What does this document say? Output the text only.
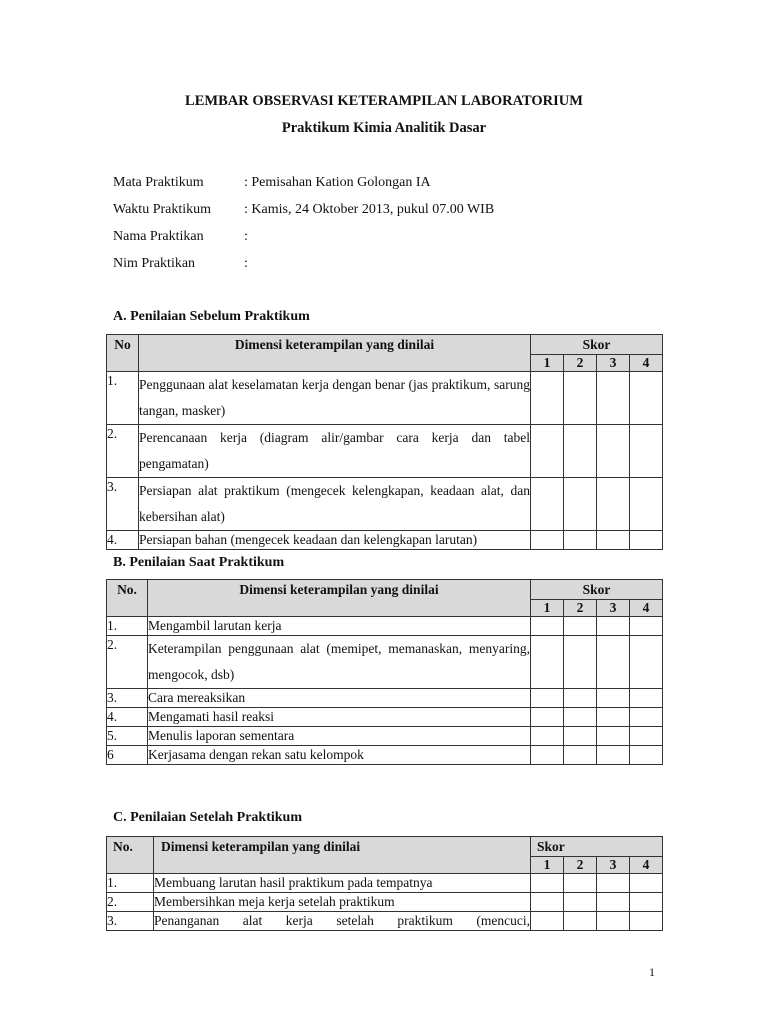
LEMBAR OBSERVASI KETERAMPILAN LABORATORIUM
Praktikum Kimia Analitik Dasar
Mata Praktikum	: Pemisahan Kation Golongan IA
Waktu Praktikum	: Kamis, 24 Oktober 2013, pukul 07.00 WIB
Nama Praktikan	:
Nim Praktikan	:
A. Penilaian Sebelum Praktikum
No	Dimensi keterampilan yang dinilai	Skor			
		1	2	3	4
1.	Penggunaan alat keselamatan kerja dengan benar (jas praktikum, sarung tangan, masker)				
2.	Perencanaan kerja (diagram alir/gambar cara kerja dan tabel pengamatan)				
3.	Persiapan alat praktikum (mengecek kelengkapan, keadaan alat, dan kebersihan alat)				
4.	Persiapan bahan (mengecek keadaan dan kelengkapan larutan)				
B. Penilaian Saat Praktikum
No.	Dimensi keterampilan yang dinilai	Skor			
		1	2	3	4
1.	Mengambil larutan kerja				
2.	Keterampilan penggunaan alat (memipet, memanaskan, menyaring, mengocok, dsb)				
3.	Cara mereaksikan				
4.	Mengamati hasil reaksi				
5.	Menulis laporan sementara				
6	Kerjasama dengan rekan satu kelompok				
C. Penilaian Setelah Praktikum
No.	Dimensi keterampilan yang dinilai	Skor			
		1	2	3	4
1.	Membuang larutan hasil praktikum pada tempatnya				
2.	Membersihkan meja kerja setelah praktikum				
3.	Penanganan alat kerja setelah praktikum (mencuci,				
1
